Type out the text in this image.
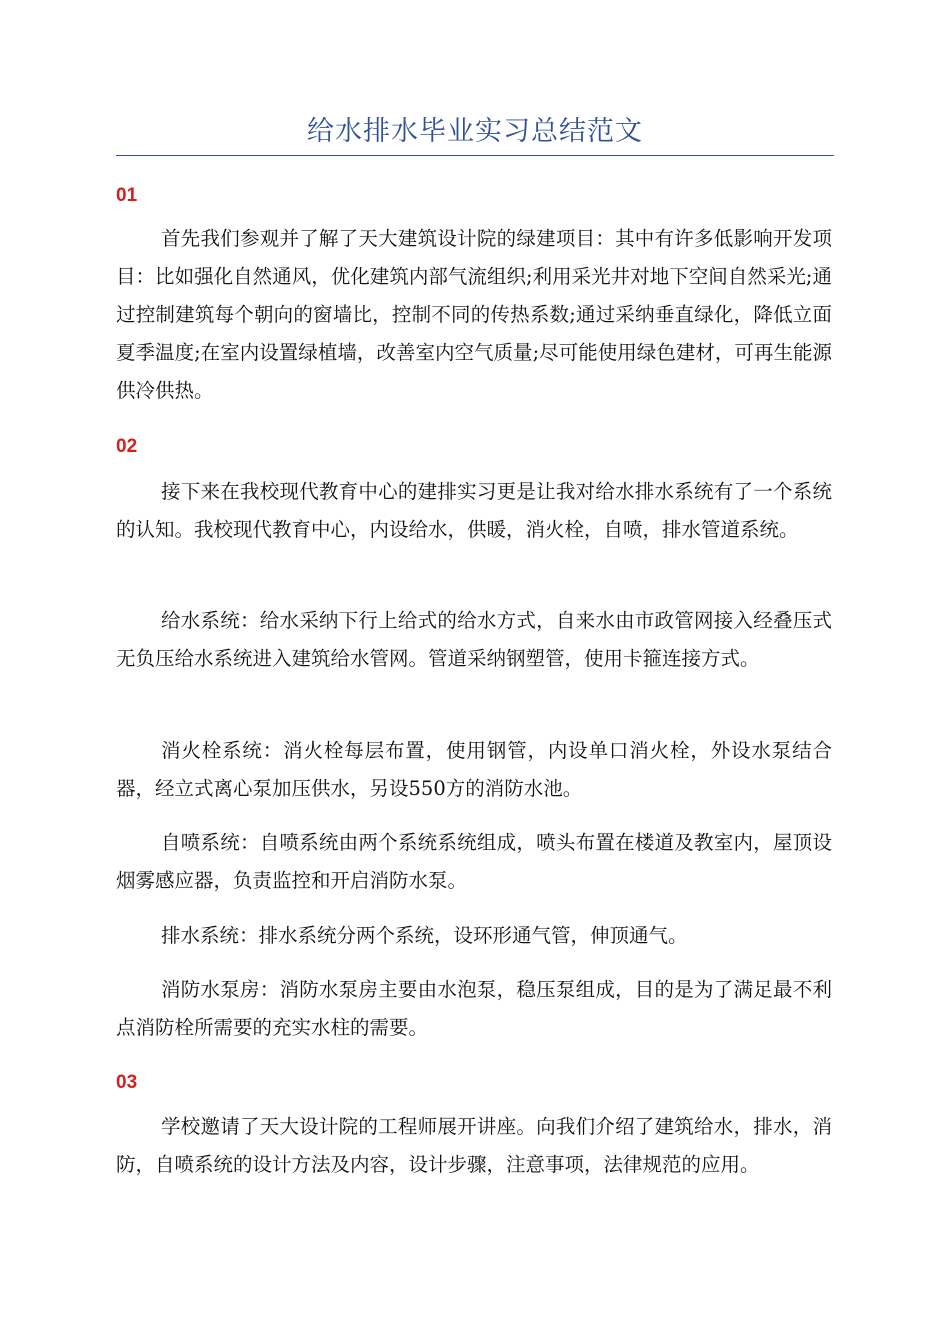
给水排水毕业实习总结范文
01

首先我们参观并了解了天大建筑设计院的绿建项目：其中有许多低影响开发项目：比如强化自然通风，优化建筑内部气流组织;利用采光井对地下空间自然采光;通过控制建筑每个朝向的窗墙比，控制不同的传热系数;通过采纳垂直绿化，降低立面夏季温度;在室内设置绿植墙，改善室内空气质量;尽可能使用绿色建材，可再生能源供冷供热。

02

接下来在我校现代教育中心的建排实习更是让我对给水排水系统有了一个系统的认知。我校现代教育中心，内设给水，供暖，消火栓，自喷，排水管道系统。

给水系统：给水采纳下行上给式的给水方式，自来水由市政管网接入经叠压式无负压给水系统进入建筑给水管网。管道采纳钢塑管，使用卡箍连接方式。

消火栓系统：消火栓每层布置，使用钢管，内设单口消火栓，外设水泵结合器，经立式离心泵加压供水，另设550方的消防水池。

自喷系统：自喷系统由两个系统系统组成，喷头布置在楼道及教室内，屋顶设烟雾感应器，负责监控和开启消防水泵。

排水系统：排水系统分两个系统，设环形通气管，伸顶通气。

消防水泵房：消防水泵房主要由水泡泵，稳压泵组成，目的是为了满足最不利点消防栓所需要的充实水柱的需要。

03

学校邀请了天大设计院的工程师展开讲座。向我们介绍了建筑给水，排水，消防，自喷系统的设计方法及内容，设计步骤，注意事项，法律规范的应用。
